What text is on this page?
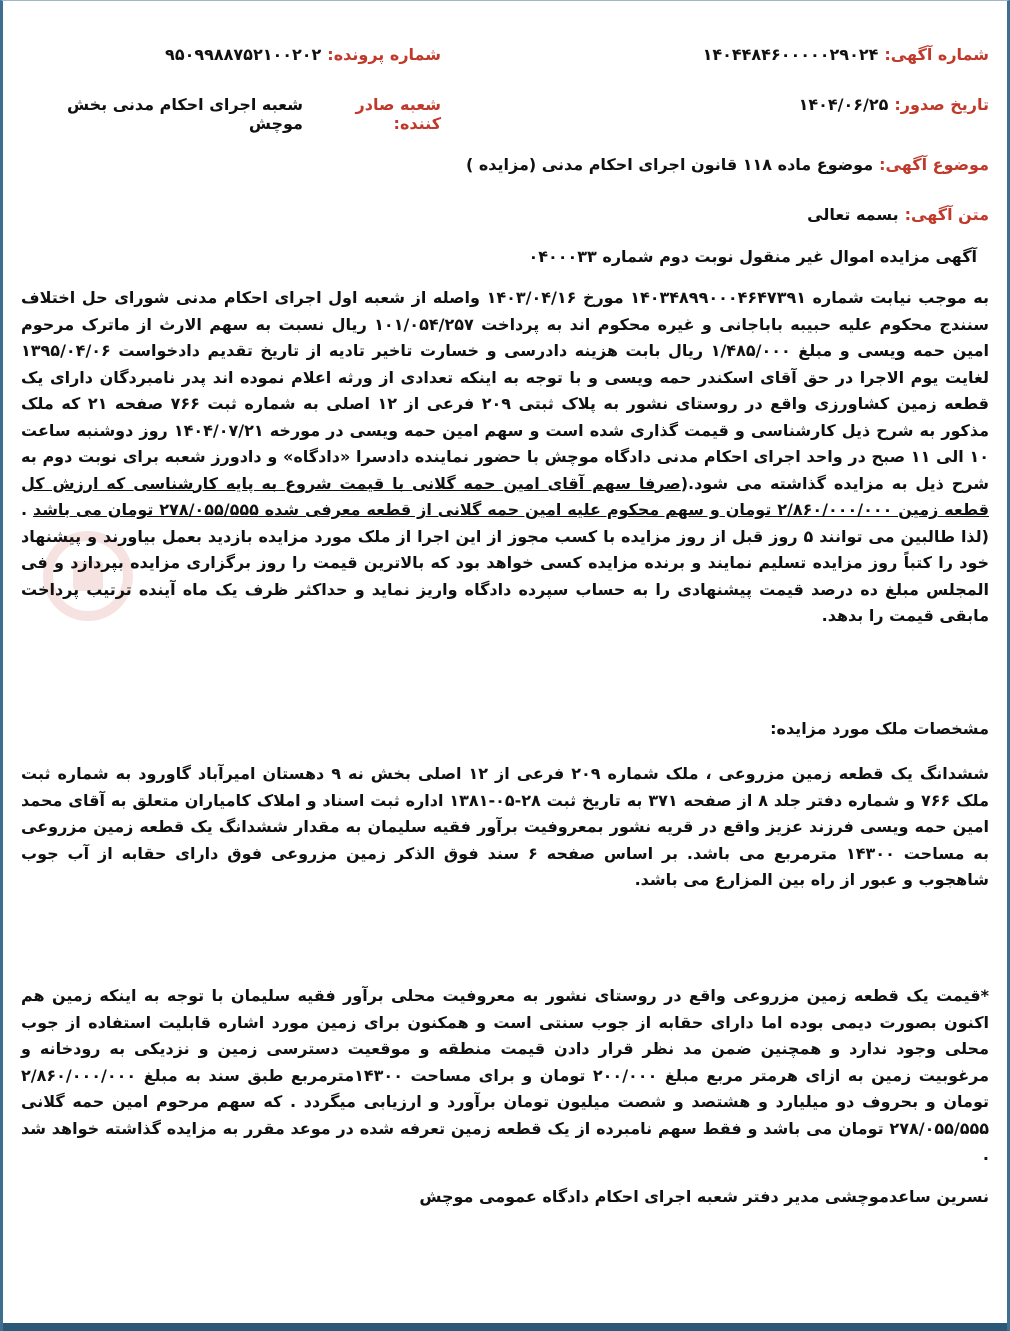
شماره آگهی:
۱۴۰۴۴۸۴۶۰۰۰۰۰۲۹۰۲۴
شماره پرونده:
۹۵۰۹۹۸۸۷۵۲۱۰۰۲۰۲
تاریخ صدور:
۱۴۰۴/۰۶/۲۵
شعبه صادر کننده:
شعبه اجرای احکام مدنی بخش موچش
موضوع آگهی:
موضوع ماده ۱۱۸ قانون اجرای احکام مدنی (مزایده )
متن آگهی:
بسمه تعالی
آگهی مزایده اموال غیر منقول نوبت دوم شماره ۰۴۰۰۰۳۳
به موجب نیابت شماره ۱۴۰۳۴۸۹۹۰۰۰۴۶۴۷۳۹۱ مورخ ۱۴۰۳/۰۴/۱۶ واصله از شعبه اول اجرای احکام مدنی شورای حل اختلاف سنندج محکوم علیه حبیبه باباجانی و غیره محکوم اند به پرداخت ۱۰۱/۰۵۴/۲۵۷ ریال نسبت به سهم الارث از ماترک مرحوم امین حمه ویسی و مبلغ ۱/۴۸۵/۰۰۰ ریال بابت هزینه دادرسی و خسارت تاخیر تادیه از تاریخ تقدیم دادخواست ۱۳۹۵/۰۴/۰۶ لغایت یوم الاجرا در حق آقای اسکندر حمه ویسی و با توجه به اینکه تعدادی از ورثه اعلام نموده اند پدر نامبردگان دارای یک قطعه زمین کشاورزی واقع در روستای نشور به پلاک ثبتی ۲۰۹ فرعی از ۱۲ اصلی به شماره ثبت ۷۶۶ صفحه ۲۱ که ملک مذکور به شرح ذیل کارشناسی و قیمت گذاری شده است و سهم امین حمه ویسی در مورخه ۱۴۰۴/۰۷/۲۱ روز دوشنبه ساعت ۱۰ الی ۱۱ صبح در واحد اجرای احکام مدنی دادگاه موچش با حضور نماینده دادسرا «دادگاه» و دادورز شعبه برای نوبت دوم به شرح ذیل به مزایده گذاشته می شود.(صرفا سهم آقای امین حمه گلانی با قیمت شروع به پایه کارشناسی که ارزش کل قطعه زمین ۲/۸۶۰/۰۰۰/۰۰۰ تومان و سهم محکوم علیه امین حمه گلانی از قطعه معرفی شده ۲۷۸/۰۵۵/۵۵۵ تومان می باشد .(لذا طالبین می توانند ۵ روز قبل از روز مزایده با کسب مجوز از این اجرا از ملک مورد مزایده بازدید بعمل بیاورند و پیشنهاد خود را کتباً روز مزایده تسلیم نمایند و برنده مزایده کسی خواهد بود که بالاترین قیمت را روز برگزاری مزایده بپردازد و فی المجلس مبلغ ده درصد قیمت پیشنهادی را به حساب سپرده دادگاه واریز نماید و حداکثر ظرف یک ماه آینده ترتیب پرداخت مابقی قیمت را بدهد.
مشخصات ملک مورد مزایده:
ششدانگ یک قطعه زمین مزروعی ، ملک شماره ۲۰۹ فرعی از ۱۲ اصلی بخش نه ۹ دهستان امیرآباد گاورود به شماره ثبت ملک ۷۶۶ و شماره دفتر جلد ۸ از صفحه ۳۷۱ به تاریخ ثبت ۲۸-۰۵-۱۳۸۱ اداره ثبت اسناد و املاک کامیاران متعلق به آقای محمد امین حمه ویسی فرزند عزیز واقع در قریه نشور بمعروفیت برآور فقیه سلیمان به مقدار ششدانگ یک قطعه زمین مزروعی به مساحت ۱۴۳۰۰ مترمربع می باشد. بر اساس صفحه ۶ سند فوق الذکر زمین مزروعی فوق دارای حقابه از آب جوب شاهجوب و عبور از راه بین المزارع می باشد.
*قیمت یک قطعه زمین مزروعی واقع در روستای نشور به معروفیت محلی برآور فقیه سلیمان با توجه به اینکه زمین هم اکنون بصورت دیمی بوده اما دارای حقابه از جوب سنتی است و همکنون برای زمین مورد اشاره قابلیت استفاده از جوب محلی وجود ندارد و همچنین ضمن مد نظر قرار دادن قیمت منطقه و موقعیت دسترسی زمین و نزدیکی به رودخانه و مرغوبیت زمین به ازای هرمتر مربع مبلغ ۲۰۰/۰۰۰ تومان و برای مساحت ۱۴۳۰۰مترمربع طبق سند به مبلغ ۲/۸۶۰/۰۰۰/۰۰۰ تومان و بحروف دو میلیارد و هشتصد و شصت میلیون تومان برآورد و ارزیابی میگردد . که سهم مرحوم امین حمه گلانی ۲۷۸/۰۵۵/۵۵۵ تومان می باشد و فقط سهم نامبرده از یک قطعه زمین تعرفه شده در موعد مقرر به مزایده گذاشته خواهد شد .
نسرین ساعدموچشی مدیر دفتر شعبه اجرای احکام دادگاه عمومی موچش
